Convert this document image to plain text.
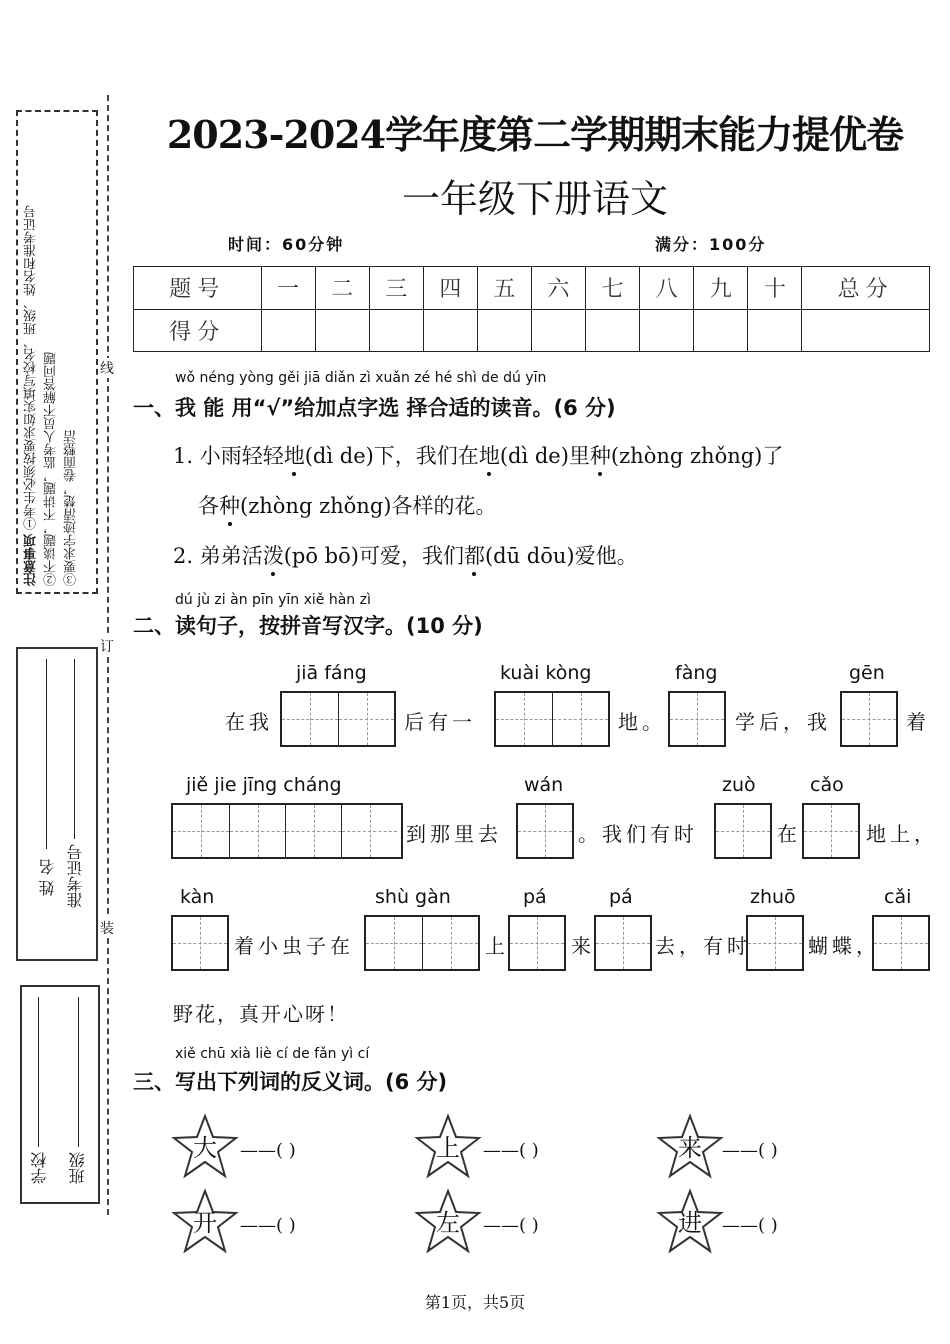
注意事项 ①考生必须按要求如实填写校名、班级、姓名和准考证号 ②不谈题，不讲题，监考人员不解答问题 ③要求字迹清楚，卷面整洁
姓 名 准考证号
学校 班级
线
订
装
2023-2024学年度第二学期期末能力提优卷
一年级下册语文
时间：60分钟	满分：100分
题号	一	二	三	四	五	六	七	八	九	十	总分
得分											
wǒ néng yòng gěi jiā diǎn zì xuǎn zé hé shì de dú yīn
一、我 能 用“√”给加点字选 择合适的读音。(6 分)
1. 小雨轻轻地(dì de)下，我们在地(dì de)里种(zhòng zhǒng)了
各种(zhòng zhǒng)各样的花。
2. 弟弟活泼(pō bō)可爱，我们都(dū dōu)爱他。
dú jù zi àn pīn yīn xiě hàn zì
二、读句子，按拼音写汉字。(10 分)
在我
jiā fáng
后有一
kuài kòng
地。
fàng
学后，我
gēn
着
jiě jie jīng cháng
到那里去
wán
。我们有时
zuò
在
cǎo
地上，
kàn
着小虫子在
shù gàn
上
pá
来
pá
去，有时
zhuō
蝴蝶，
cǎi
野花，真开心呀！
xiě chū xià liè cí de fǎn yì cí
三、写出下列词的反义词。(6 分)
大	——( )	上	——( )	来	——( )
开	——( )	左	——( )	进	——( )
第1页，共5页
